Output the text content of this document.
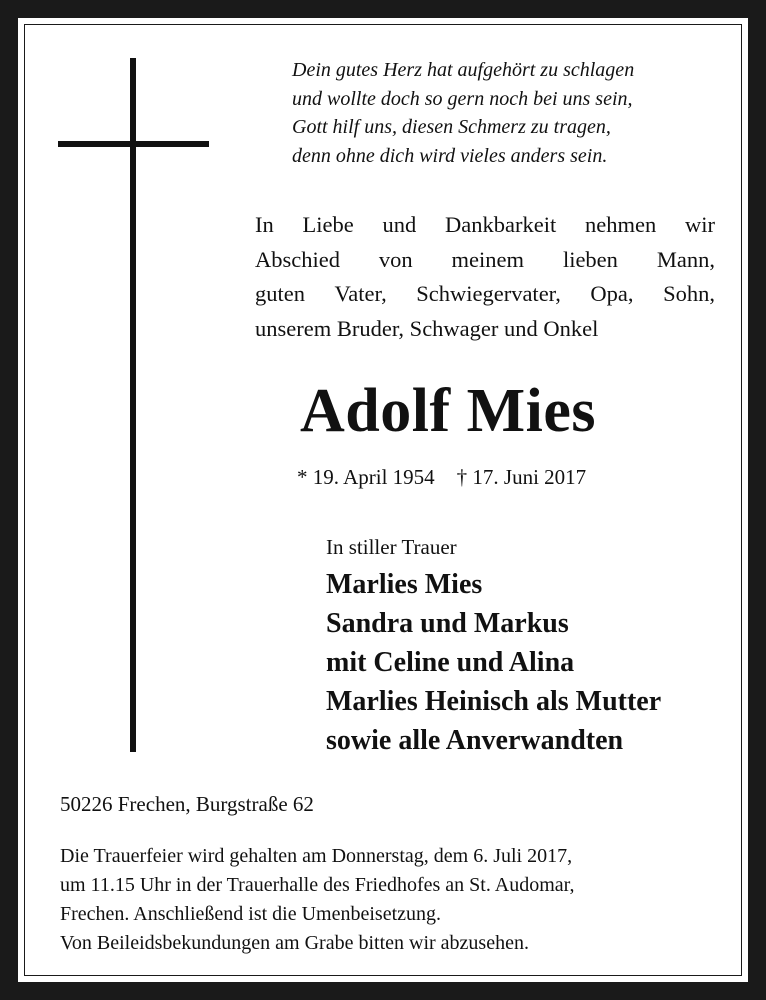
Dein gutes Herz hat aufgehört zu schlagen
und wollte doch so gern noch bei uns sein,
Gott hilf uns, diesen Schmerz zu tragen,
denn ohne dich wird vieles anders sein.
In Liebe und Dankbarkeit nehmen wir
Abschied von meinem lieben Mann,
guten Vater, Schwiegervater, Opa, Sohn,
unserem Bruder, Schwager und Onkel
Adolf Mies
* 19. April 1954 † 17. Juni 2017
In stiller Trauer
Marlies Mies
Sandra und Markus
mit Celine und Alina
Marlies Heinisch als Mutter
sowie alle Anverwandten
50226 Frechen, Burgstraße 62
Die Trauerfeier wird gehalten am Donnerstag, dem 6. Juli 2017,
um 11.15 Uhr in der Trauerhalle des Friedhofes an St. Audomar,
Frechen. Anschließend ist die Umenbeisetzung.
Von Beileidsbekundungen am Grabe bitten wir abzusehen.
